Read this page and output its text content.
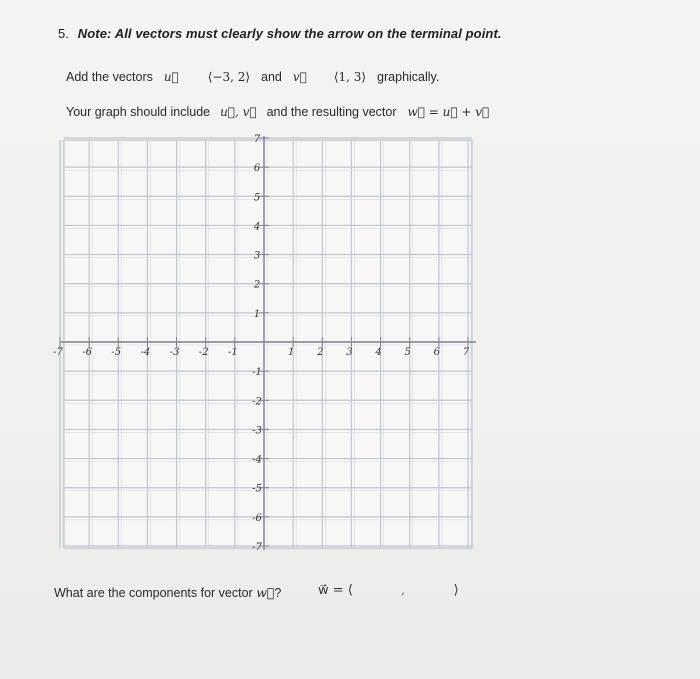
5. Note: All vectors must clearly show the arrow on the terminal point.
Add the vectors u⃗ ⟨−3, 2⟩ and v⃗ ⟨1, 3⟩ graphically.
Your graph should include u⃗, v⃗ and the resulting vector w⃗ = u⃗ + v⃗
-7 -6 -5 -4 -3 -2 -1	1 2 3 4 5 6 7
7
6
5
4
3
2
1
-1
-2
-3
-4
-5
-6
-7
What are the components for vector w⃗?	w⃗ = ⟨	,	⟩
